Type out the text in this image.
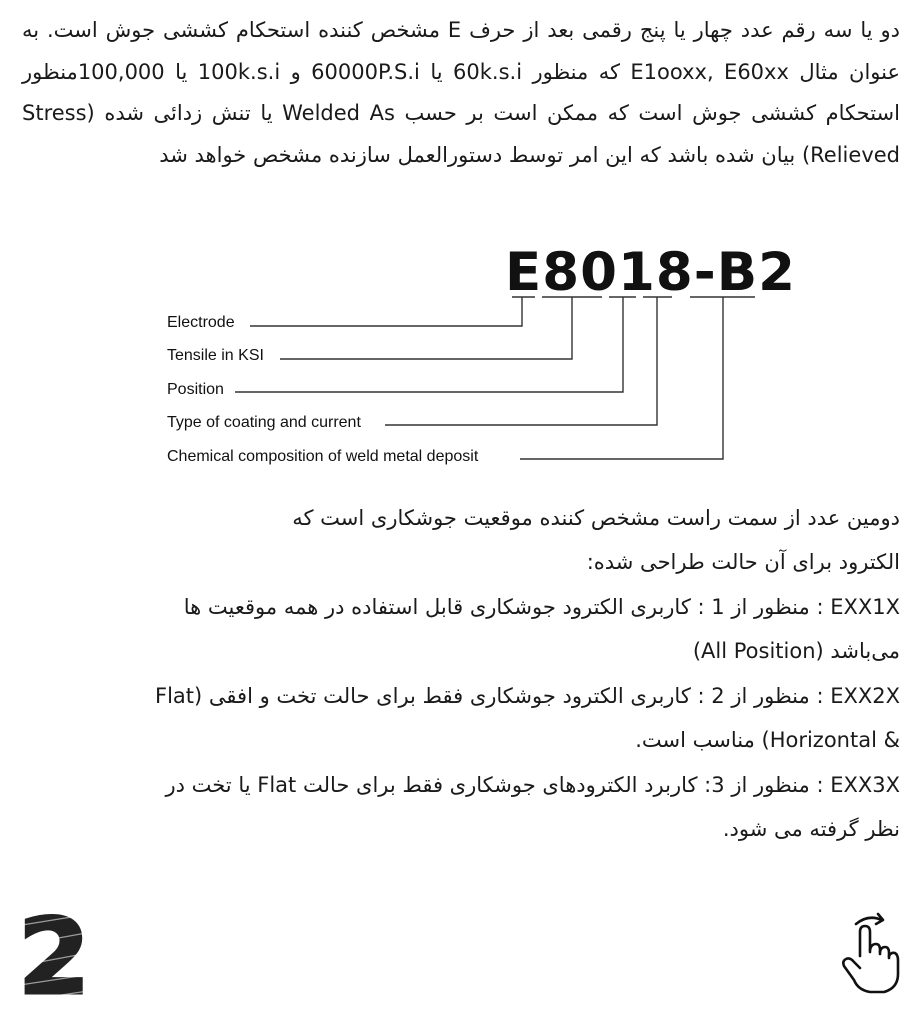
دو یا سه رقم عدد چهار یا پنج رقمی بعد از حرف E مشخص کننده استحکام کششی جوش است. به عنوان مثال E1ooxx, E60xx که منظور 60k.s.i یا 60000P.S.i و 100k.s.i یا 100,000منظور استحکام کششی جوش است که ممکن است بر حسب Welded As یا تنش زدائی شده (Stress Relieved) بیان شده باشد که این امر توسط دستورالعمل سازنده مشخص خواهد شد
E8018-B2
Electrode
Tensile in KSI
Position
Type of coating and current
Chemical composition of weld metal deposit
دومین عدد از سمت راست مشخص کننده موقعیت جوشکاری است که
الکترود برای آن حالت طراحی شده:
EXX1X : منظور از 1 : کاربری الکترود جوشکاری قابل استفاده در همه موقعیت ها
می‌باشد (All Position)
EXX2X : منظور از 2 : کاربری الکترود جوشکاری فقط برای حالت تخت و افقی (Flat
& Horizontal) مناسب است.
EXX3X : منظور از 3: کاربرد الکترودهای جوشکاری فقط برای حالت Flat یا تخت در
نظر گرفته می شود.
2
